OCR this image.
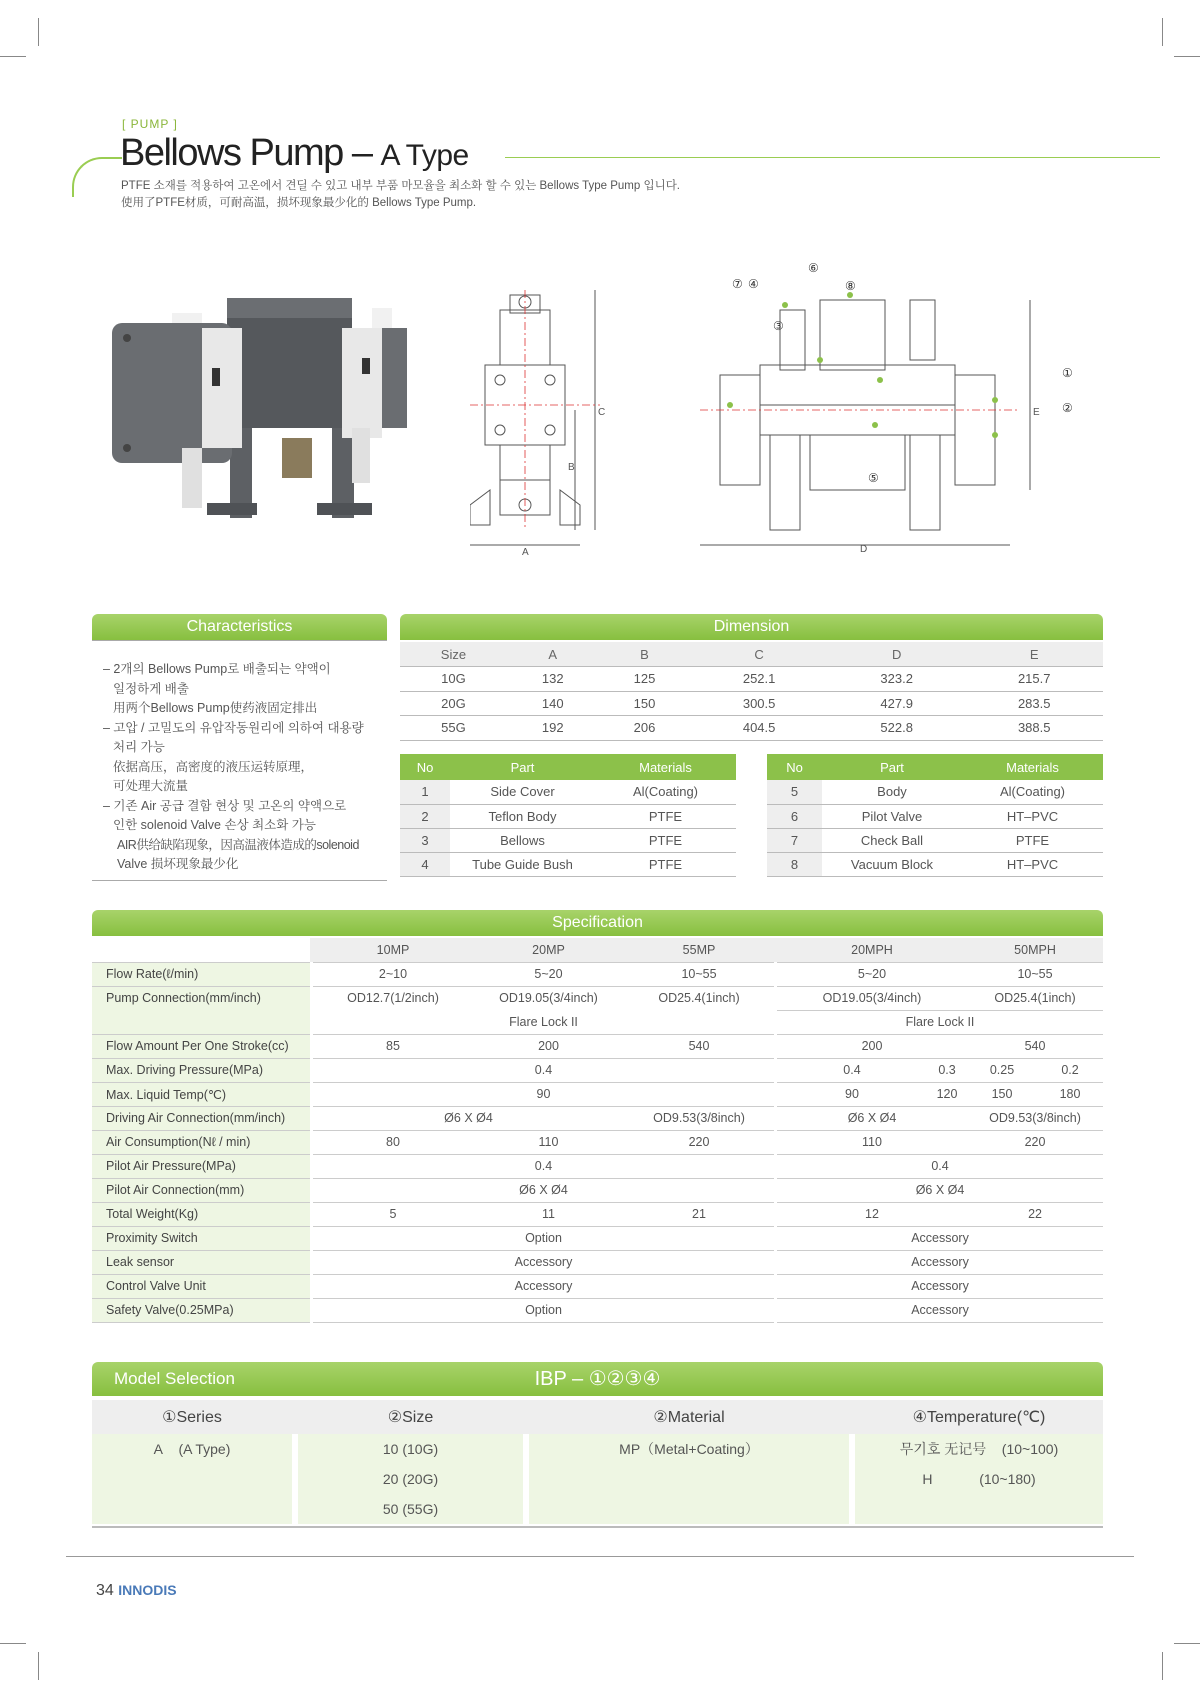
[ PUMP ]
Bellows Pump – A Type
PTFE 소재를 적용하여 고온에서 견딜 수 있고 내부 부품 마모율을 최소화 할 수 있는 Bellows Type Pump 입니다.
使用了PTFE材质，可耐高温，损坏现象最少化的 Bellows Type Pump.
A
B
C
①
②
③
④
⑤
⑥
⑦	⑧
D
E
Characteristics
– 2개의 Bellows Pump로 배출되는 약액이
일정하게 배출
用两个Bellows Pump使药液固定排出
– 고압 / 고밀도의 유압작동원리에 의하여 대용량
처리 가능
依据高压，高密度的液压运转原理，
可处理大流量
– 기존 Air 공급 결함 현상 및 고온의 약액으로
인한 solenoid Valve 손상 최소화 가능
AIR供给缺陷现象，因高温液体造成的solenoid
Valve 损坏现象最少化
Dimension
Size	A	B	C	D	E
10G	132	125	252.1	323.2	215.7
20G	140	150	300.5	427.9	283.5
55G	192	206	404.5	522.8	388.5
No	Part	Materials
1	Side Cover	Al(Coating)
2	Teflon Body	PTFE
3	Bellows	PTFE
4	Tube Guide Bush	PTFE
No	Part	Materials
5	Body	Al(Coating)
6	Pilot Valve	HT–PVC
7	Check Ball	PTFE
8	Vacuum Block	HT–PVC
Specification
		10MP	20MP	55MP		20MPH		50MPH	
Flow Rate(ℓ/min)		2~10	5~20	10~55		5~20		10~55	
Pump Connection(mm/inch)		OD12.7(1/2inch)	OD19.05(3/4inch)	OD25.4(1inch)		OD19.05(3/4inch)		OD25.4(1inch)	
		Flare Lock II				Flare Lock II			
Flow Amount Per One Stroke(cc)		85	200	540		200		540	
Max. Driving Pressure(MPa)		0.4				0.4	0.3	0.25	0.2
Max. Liquid Temp(℃)		90				90	120	150	180
Driving Air Connection(mm/inch)		Ø6 X Ø4		OD9.53(3/8inch)		Ø6 X Ø4		OD9.53(3/8inch)	
Air Consumption(Nℓ / min)		80	110	220		110		220	
Pilot Air Pressure(MPa)		0.4				0.4			
Pilot Air Connection(mm)		Ø6 X Ø4				Ø6 X Ø4			
Total Weight(Kg)		5	11	21		12		22	
Proximity Switch		Option				Accessory			
Leak sensor		Accessory				Accessory			
Control Valve Unit		Accessory				Accessory			
Safety Valve(0.25MPa)		Option				Accessory			
Model Selection	IBP – ①②③④
①Series		②Size		②Material		④Temperature(℃)
A (A Type)		10 (10G)		MP（Metal+Coating）		무기호 无记号 (10~100)
		20 (20G)				H (10~180)
		50 (55G)				
34 INNODIS
